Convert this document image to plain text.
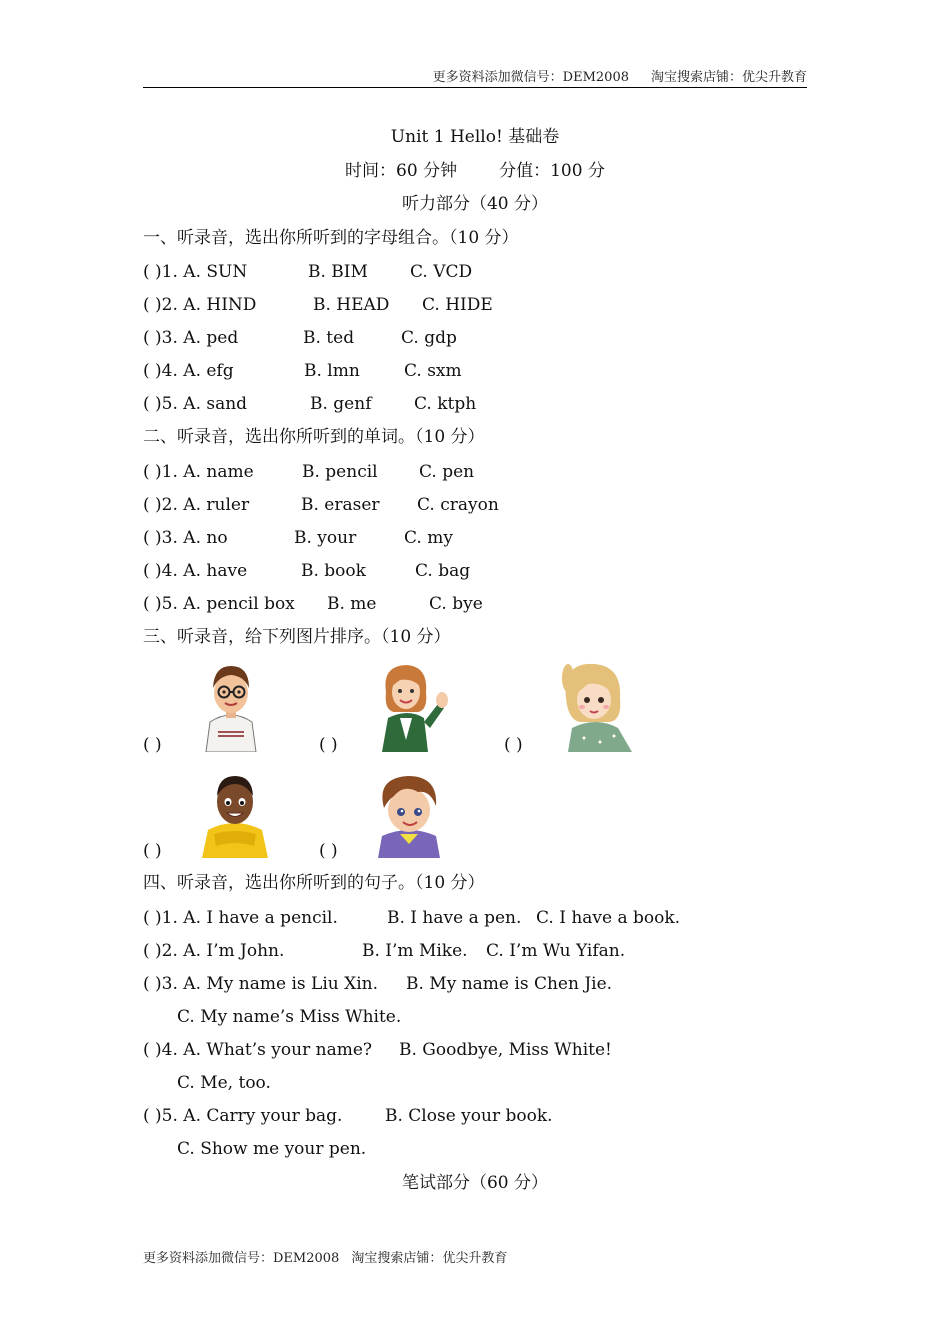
更多资料添加微信号：DEM2008 淘宝搜索店铺：优尖升教育
Unit 1 Hello! 基础卷
时间：60 分钟 分值：100 分
听力部分（40 分）
一、听录音，选出你所听到的字母组合。（10 分）
( )1. A. SUN	B. BIM C. VCD
( )2. A. HIND	B. HEAD C. HIDE
( )3. A. ped	B. ted	C. gdp
( )4. A. efg	B. lmn	C. sxm
( )5. A. sand	B. genf	C. ktph
二、听录音，选出你所听到的单词。（10 分）
( )1. A. name	B. pencil C. pen
( )2. A. ruler	B. eraser C. crayon
( )3. A. no	B. your	C. my
( )4. A. have	B. book	C. bag
( )5. A. pencil box B. me	C. bye
三、听录音，给下列图片排序。（10 分）
( )	( )	( )
( )	( )
四、听录音，选出你所听到的句子。（10 分）
( )1. A. I have a pencil.	B. I have a pen. C. I have a book.
( )2. A. I’m John.	B. I’m Mike. C. I’m Wu Yifan.
( )3. A. My name is Liu Xin. B. My name is Chen Jie.
C. My name’s Miss White.
( )4. A. What’s your name? B. Goodbye, Miss White!
C. Me, too.
( )5. A. Carry your bag.	B. Close your book.
C. Show me your pen.
笔试部分（60 分）
更多资料添加微信号：DEM2008 淘宝搜索店铺：优尖升教育
